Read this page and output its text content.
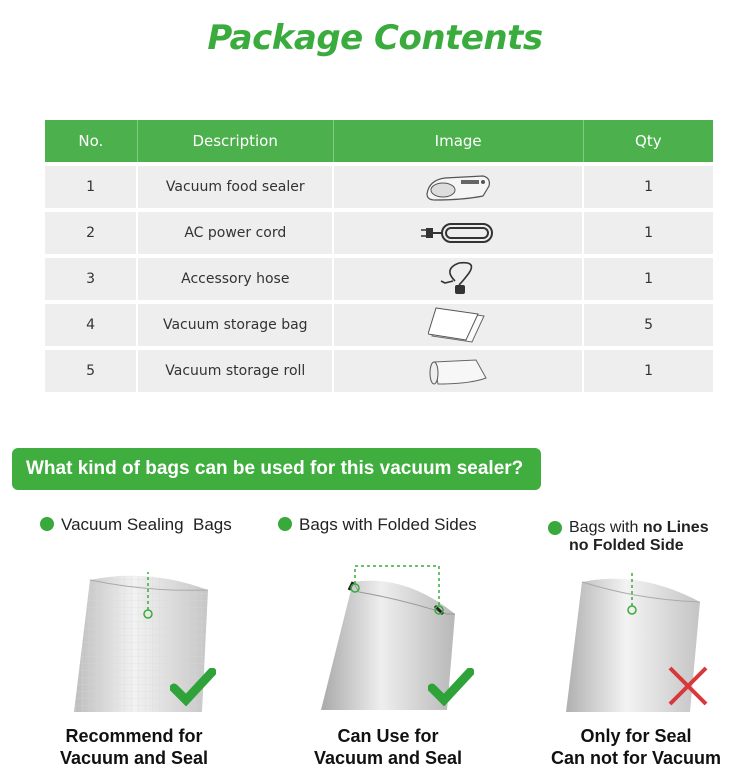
Package Contents
No.	Description	Image	Qty
1	Vacuum food sealer	1
2	AC power cord	1
3	Accessory hose	1
4	Vacuum storage bag	5
5	Vacuum storage roll	1
What kind of bags can be used for this vacuum sealer?
Vacuum Sealing  Bags
Recommend for
Vacuum and Seal
Bags with Folded Sides
Can Use for
Vacuum and Seal
Bags with no Lines
no Folded Side
Only for Seal
Can not for Vacuum
